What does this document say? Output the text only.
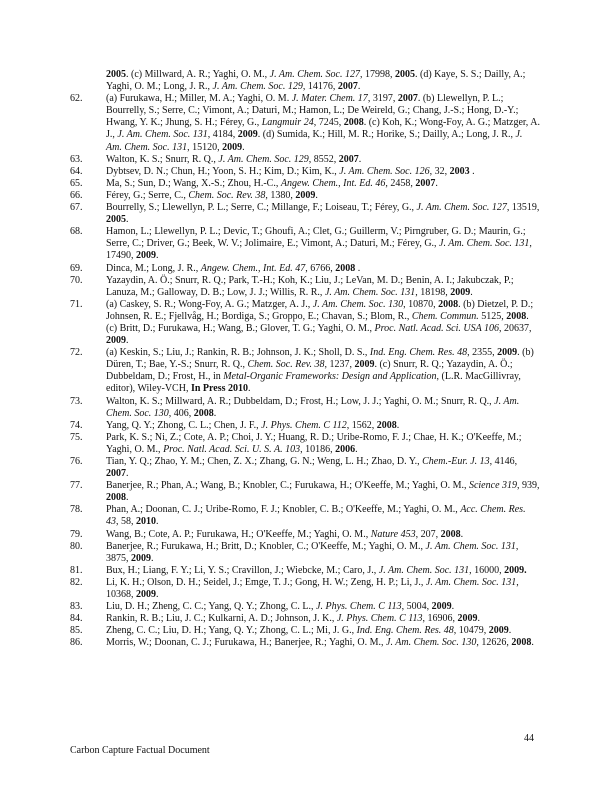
2005. (c) Millward, A. R.; Yaghi, O. M., J. Am. Chem. Soc. 127, 17998, 2005. (d) Kaye, S. S.; Dailly, A.; Yaghi, O. M.; Long, J. R., J. Am. Chem. Soc. 129, 14176, 2007.
62.	(a) Furukawa, H.; Miller, M. A.; Yaghi, O. M. J. Mater. Chem. 17, 3197, 2007. (b) Llewellyn, P. L.; Bourrelly, S.; Serre, C.; Vimont, A.; Daturi, M.; Hamon, L.; De Weireld, G.; Chang, J.-S.; Hong, D.-Y.; Hwang, Y. K.; Jhung, S. H.; Férey, G., Langmuir 24, 7245, 2008. (c) Koh, K.; Wong-Foy, A. G.; Matzger, A. J., J. Am. Chem. Soc. 131, 4184, 2009. (d) Sumida, K.; Hill, M. R.; Horike, S.; Dailly, A.; Long, J. R., J. Am. Chem. Soc. 131, 15120, 2009.
63.	Walton, K. S.; Snurr, R. Q., J. Am. Chem. Soc. 129, 8552, 2007.
64.	Dybtsev, D. N.; Chun, H.; Yoon, S. H.; Kim, D.; Kim, K., J. Am. Chem. Soc. 126, 32, 2003 .
65.	Ma, S.; Sun, D.; Wang, X.-S.; Zhou, H.-C., Angew. Chem., Int. Ed. 46, 2458, 2007.
66.	Férey, G.; Serre, C., Chem. Soc. Rev. 38, 1380, 2009.
67.	Bourrelly, S.; Llewellyn, P. L.; Serre, C.; Millange, F.; Loiseau, T.; Férey, G., J. Am. Chem. Soc. 127, 13519, 2005.
68.	Hamon, L.; Llewellyn, P. L.; Devic, T.; Ghoufi, A.; Clet, G.; Guillerm, V.; Pirngruber, G. D.; Maurin, G.; Serre, C.; Driver, G.; Beek, W. V.; Jolimaire, E.; Vimont, A.; Daturi, M.; Férey, G., J. Am. Chem. Soc. 131, 17490, 2009.
69.	Dinca, M.; Long, J. R., Angew. Chem., Int. Ed. 47, 6766, 2008 .
70.	Yazaydin, A. Ö.; Snurr, R. Q.; Park, T.-H.; Koh, K.; Liu, J.; LeVan, M. D.; Benin, A. I.; Jakubczak, P.; Lanuza, M.; Galloway, D. B.; Low, J. J.; Willis, R. R., J. Am. Chem. Soc. 131, 18198, 2009.
71.	(a) Caskey, S. R.; Wong-Foy, A. G.; Matzger, A. J., J. Am. Chem. Soc. 130, 10870, 2008. (b) Dietzel, P. D.; Johnsen, R. E.; Fjellvåg, H.; Bordiga, S.; Groppo, E.; Chavan, S.; Blom, R., Chem. Commun. 5125, 2008. (c) Britt, D.; Furukawa, H.; Wang, B.; Glover, T. G.; Yaghi, O. M., Proc. Natl. Acad. Sci. USA 106, 20637, 2009.
72.	(a) Keskin, S.; Liu, J.; Rankin, R. B.; Johnson, J. K.; Sholl, D. S., Ind. Eng. Chem. Res. 48, 2355, 2009. (b) Düren, T.; Bae, Y.-S.; Snurr, R. Q., Chem. Soc. Rev. 38, 1237, 2009. (c) Snurr, R. Q.; Yazaydin, A. Ö.; Dubbeldam, D.; Frost, H., in Metal-Organic Frameworks: Design and Application, (L.R. MacGillivray, editor), Wiley-VCH, In Press 2010.
73.	Walton, K. S.; Millward, A. R.; Dubbeldam, D.; Frost, H.; Low, J. J.; Yaghi, O. M.; Snurr, R. Q., J. Am. Chem. Soc. 130, 406, 2008.
74.	Yang, Q. Y.; Zhong, C. L.; Chen, J. F., J. Phys. Chem. C 112, 1562, 2008.
75.	Park, K. S.; Ni, Z.; Cote, A. P.; Choi, J. Y.; Huang, R. D.; Uribe-Romo, F. J.; Chae, H. K.; O'Keeffe, M.; Yaghi, O. M., Proc. Natl. Acad. Sci. U. S. A. 103, 10186, 2006.
76.	Tian, Y. Q.; Zhao, Y. M.; Chen, Z. X.; Zhang, G. N.; Weng, L. H.; Zhao, D. Y., Chem.-Eur. J. 13, 4146, 2007.
77.	Banerjee, R.; Phan, A.; Wang, B.; Knobler, C.; Furukawa, H.; O'Keeffe, M.; Yaghi, O. M., Science 319, 939, 2008.
78.	Phan, A.; Doonan, C. J.; Uribe-Romo, F. J.; Knobler, C. B.; O'Keeffe, M.; Yaghi, O. M., Acc. Chem. Res. 43, 58, 2010.
79.	Wang, B.; Cote, A. P.; Furukawa, H.; O'Keeffe, M.; Yaghi, O. M., Nature 453, 207, 2008.
80.	Banerjee, R.; Furukawa, H.; Britt, D.; Knobler, C.; O'Keeffe, M.; Yaghi, O. M., J. Am. Chem. Soc. 131, 3875, 2009.
81.	Bux, H.; Liang, F. Y.; Li, Y. S.; Cravillon, J.; Wiebcke, M.; Caro, J., J. Am. Chem. Soc. 131, 16000, 2009.
82.	Li, K. H.; Olson, D. H.; Seidel, J.; Emge, T. J.; Gong, H. W.; Zeng, H. P.; Li, J., J. Am. Chem. Soc. 131, 10368, 2009.
83.	Liu, D. H.; Zheng, C. C.; Yang, Q. Y.; Zhong, C. L., J. Phys. Chem. C 113, 5004, 2009.
84.	Rankin, R. B.; Liu, J. C.; Kulkarni, A. D.; Johnson, J. K., J. Phys. Chem. C 113, 16906, 2009.
85.	Zheng, C. C.; Liu, D. H.; Yang, Q. Y.; Zhong, C. L.; Mi, J. G., Ind. Eng. Chem. Res. 48, 10479, 2009.
86.	Morris, W.; Doonan, C. J.; Furukawa, H.; Banerjee, R.; Yaghi, O. M., J. Am. Chem. Soc. 130, 12626, 2008.
44
Carbon Capture Factual Document
